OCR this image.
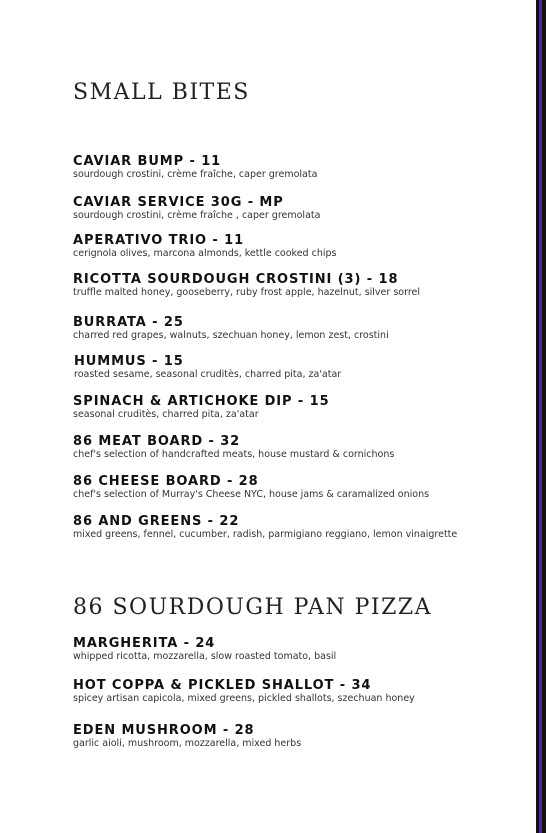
SMALL BITES
CAVIAR BUMP - 11
sourdough crostini, crème fraîche, caper gremolata
CAVIAR SERVICE 30G - MP
sourdough crostini, crème fraîche , caper gremolata
APERATIVO TRIO - 11
cerignola olives, marcona almonds, kettle cooked chips
RICOTTA SOURDOUGH CROSTINI (3) - 18
truffle malted honey, gooseberry, ruby frost apple, hazelnut, silver sorrel
BURRATA - 25
charred red grapes, walnuts, szechuan honey, lemon zest, crostini
HUMMUS - 15
roasted sesame, seasonal cruditès, charred pita, za'atar
SPINACH & ARTICHOKE DIP - 15
seasonal cruditès, charred pita, za'atar
86 MEAT BOARD - 32
chef's selection of handcrafted meats, house mustard & cornichons
86 CHEESE BOARD - 28
chef's selection of Murray's Cheese NYC, house jams & caramalized onions
86 AND GREENS - 22
mixed greens, fennel, cucumber, radish, parmigiano reggiano, lemon vinaigrette
86 SOURDOUGH PAN PIZZA
MARGHERITA - 24
whipped ricotta, mozzarella, slow roasted tomato, basil
HOT COPPA & PICKLED SHALLOT - 34
spicey artisan capicola, mixed greens, pickled shallots, szechuan honey
EDEN MUSHROOM - 28
garlic aioli, mushroom, mozzarella, mixed herbs
